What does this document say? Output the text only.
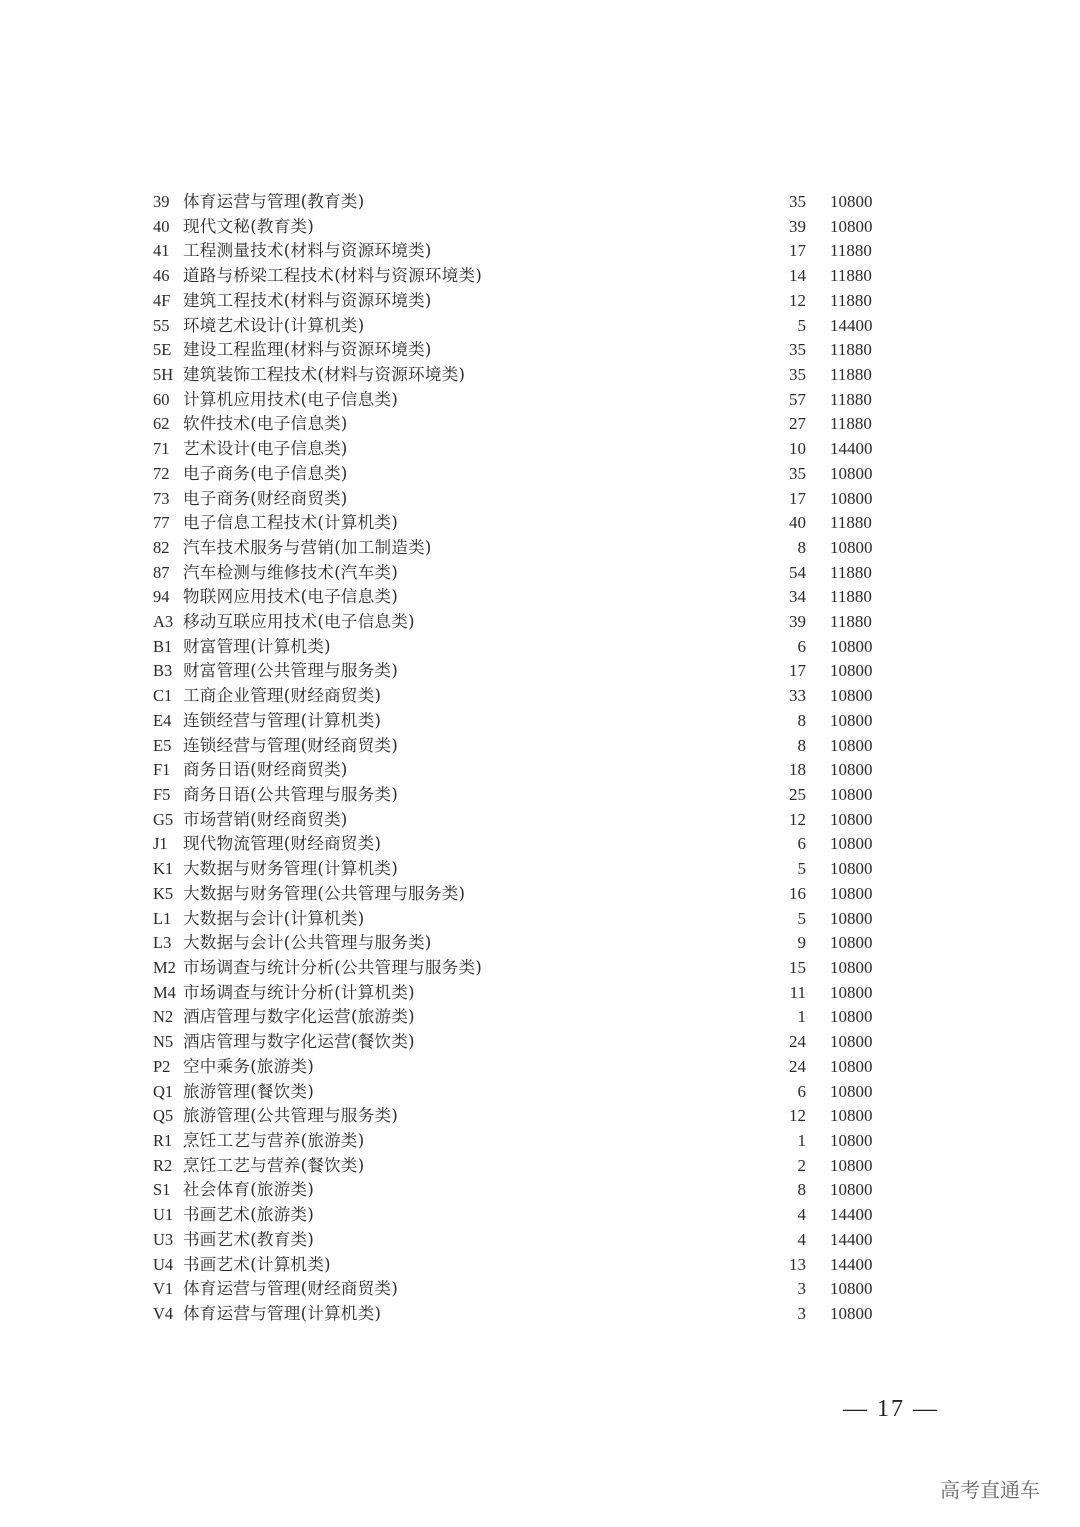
39 体育运营与管理(教育类)	35 10800
40 现代文秘(教育类)	39 10800
41 工程测量技术(材料与资源环境类)	17 11880
46 道路与桥梁工程技术(材料与资源环境类)	14 11880
4F 建筑工程技术(材料与资源环境类)	12 11880
55 环境艺术设计(计算机类)	5 14400
5E 建设工程监理(材料与资源环境类)	35 11880
5H 建筑装饰工程技术(材料与资源环境类)	35 11880
60 计算机应用技术(电子信息类)	57 11880
62 软件技术(电子信息类)	27 11880
71 艺术设计(电子信息类)	10 14400
72 电子商务(电子信息类)	35 10800
73 电子商务(财经商贸类)	17 10800
77 电子信息工程技术(计算机类)	40 11880
82 汽车技术服务与营销(加工制造类)	8 10800
87 汽车检测与维修技术(汽车类)	54 11880
94 物联网应用技术(电子信息类)	34 11880
A3 移动互联应用技术(电子信息类)	39 11880
B1 财富管理(计算机类)	6 10800
B3 财富管理(公共管理与服务类)	17 10800
C1 工商企业管理(财经商贸类)	33 10800
E4 连锁经营与管理(计算机类)	8 10800
E5 连锁经营与管理(财经商贸类)	8 10800
F1 商务日语(财经商贸类)	18 10800
F5 商务日语(公共管理与服务类)	25 10800
G5 市场营销(财经商贸类)	12 10800
J1 现代物流管理(财经商贸类)	6 10800
K1 大数据与财务管理(计算机类)	5 10800
K5 大数据与财务管理(公共管理与服务类)	16 10800
L1 大数据与会计(计算机类)	5 10800
L3 大数据与会计(公共管理与服务类)	9 10800
M2 市场调查与统计分析(公共管理与服务类)	15 10800
M4 市场调查与统计分析(计算机类)	11 10800
N2 酒店管理与数字化运营(旅游类)	1 10800
N5 酒店管理与数字化运营(餐饮类)	24 10800
P2 空中乘务(旅游类)	24 10800
Q1 旅游管理(餐饮类)	6 10800
Q5 旅游管理(公共管理与服务类)	12 10800
R1 烹饪工艺与营养(旅游类)	1 10800
R2 烹饪工艺与营养(餐饮类)	2 10800
S1 社会体育(旅游类)	8 10800
U1 书画艺术(旅游类)	4 14400
U3 书画艺术(教育类)	4 14400
U4 书画艺术(计算机类)	13 14400
V1 体育运营与管理(财经商贸类)	3 10800
V4 体育运营与管理(计算机类)	3 10800
— 17 —
高考直通车
